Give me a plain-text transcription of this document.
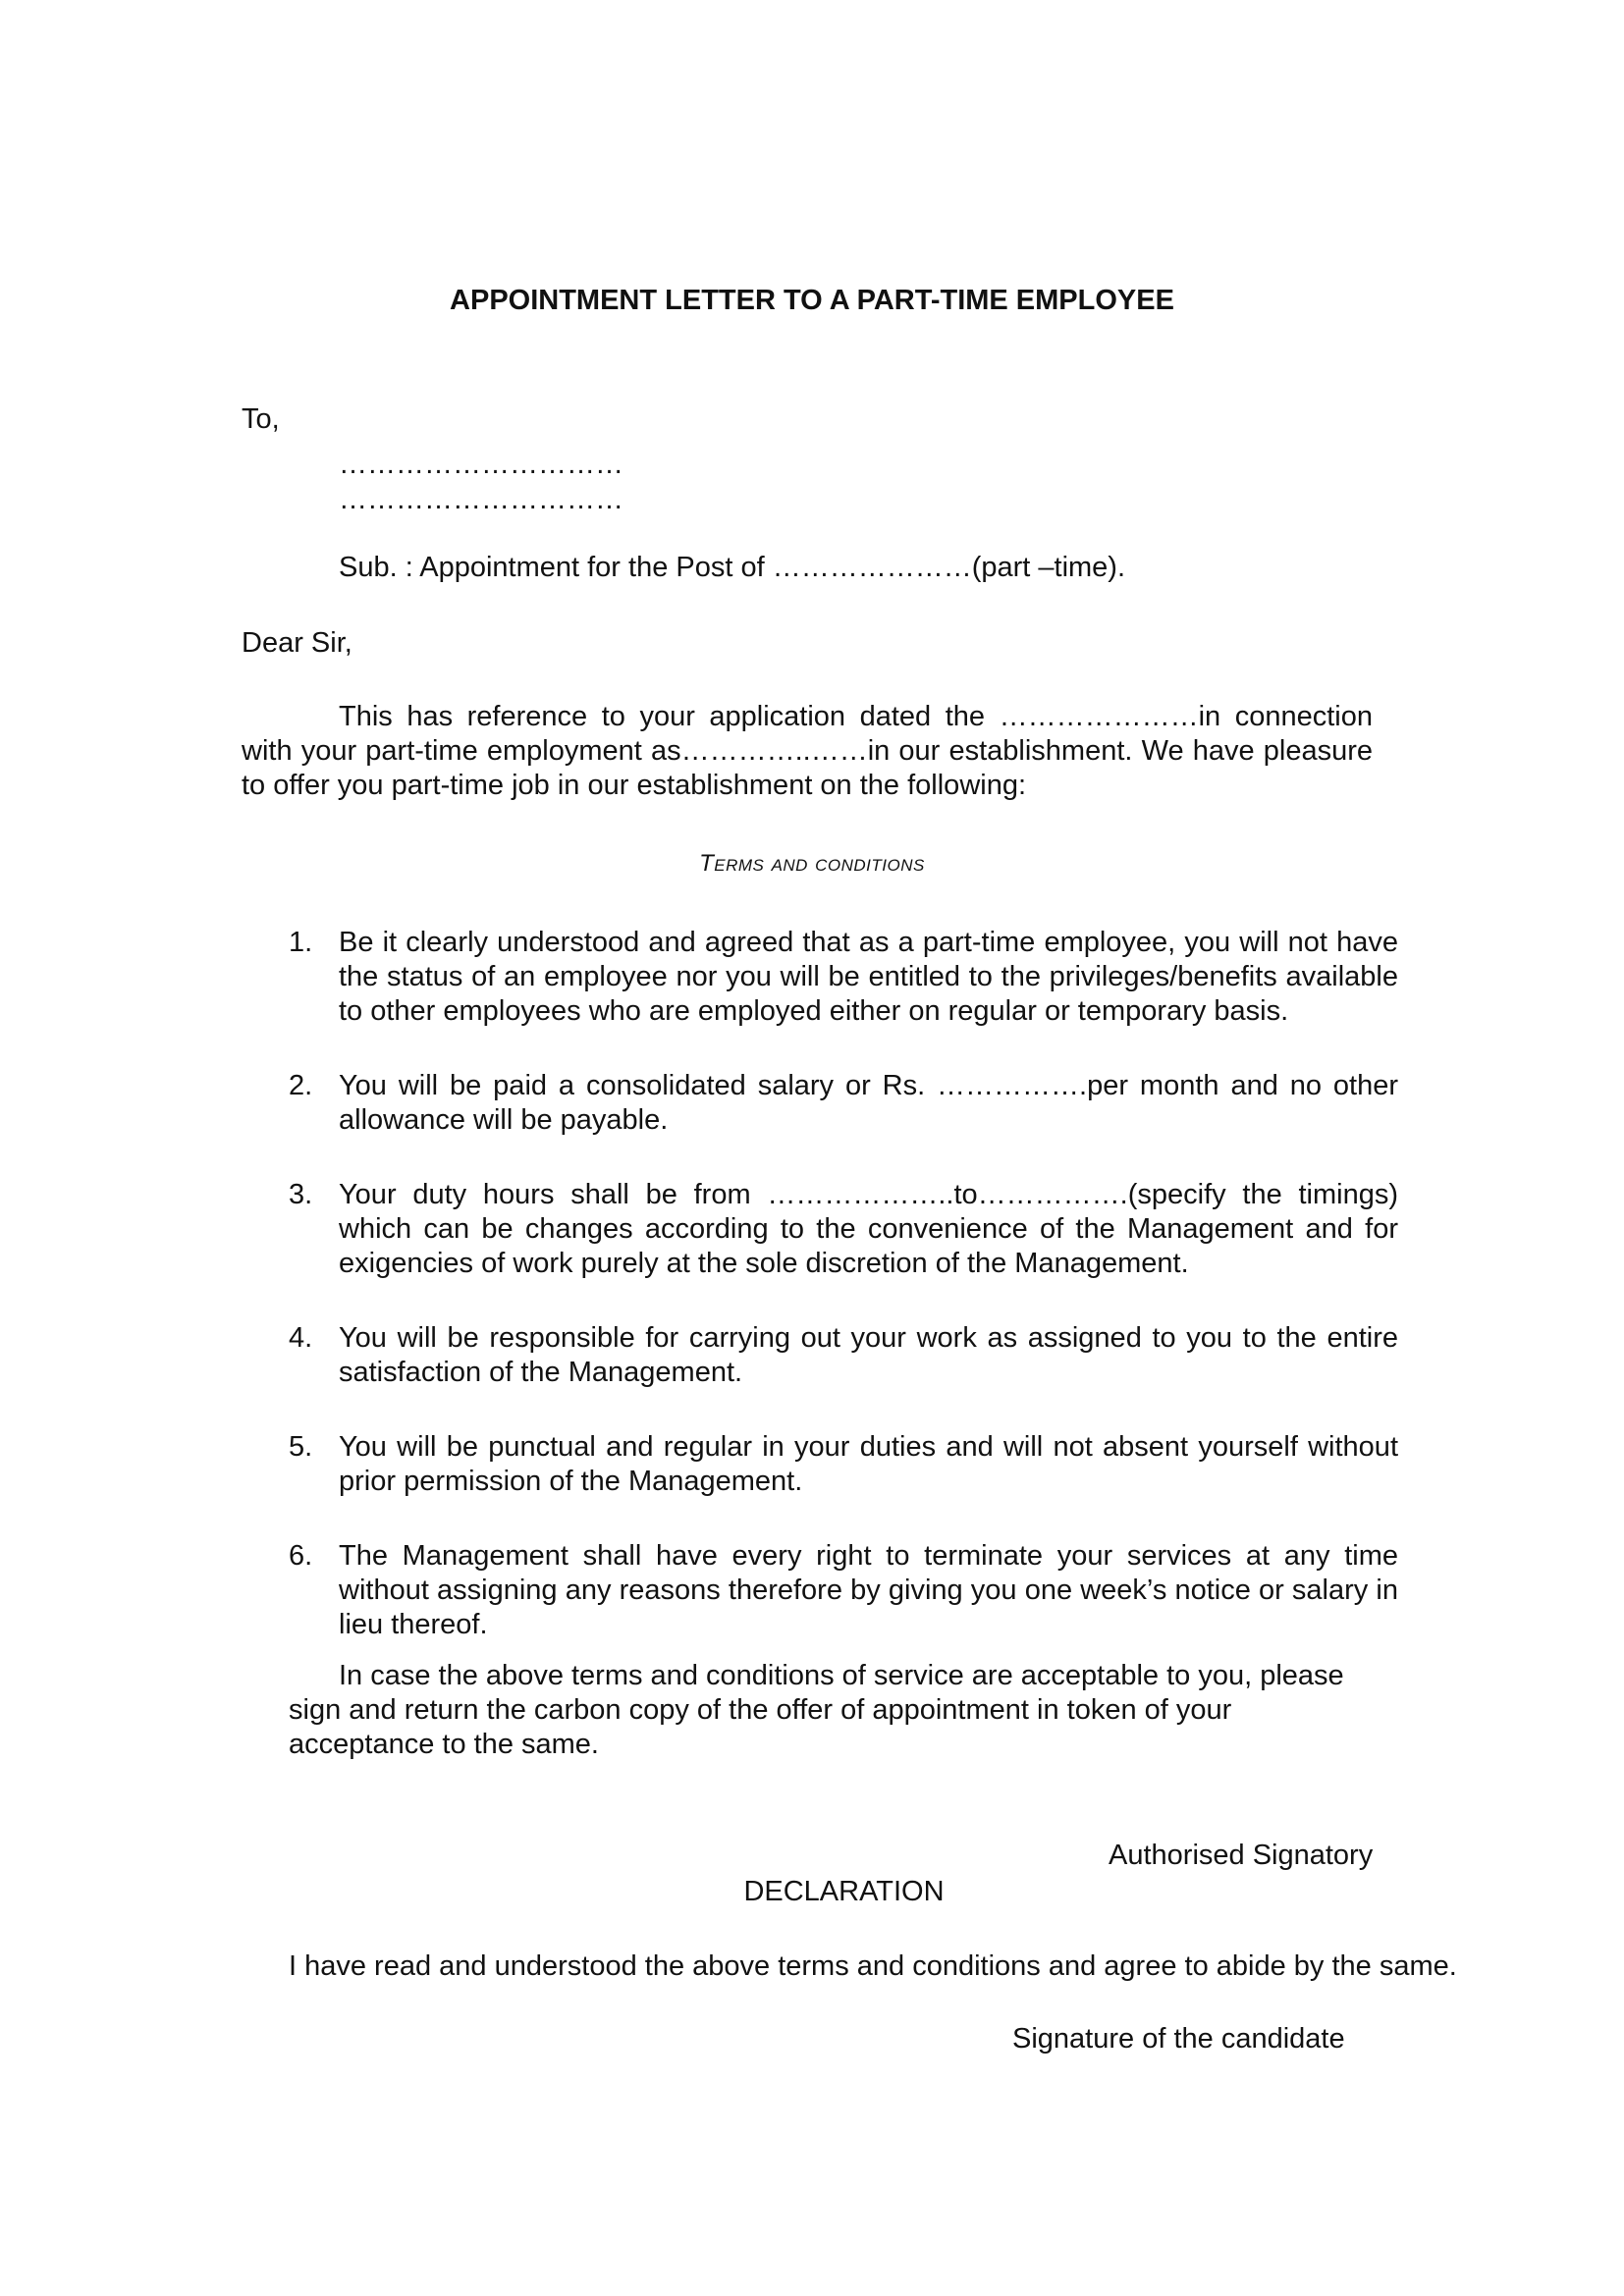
APPOINTMENT LETTER TO A PART-TIME EMPLOYEE
To,
…………………………
…………………………
Sub. : Appointment for the Post of …………………(part –time).
Dear Sir,
This has reference to your application dated the …………………in connection with your part-time employment as…………..……in our establishment. We have pleasure to offer you part-time job in our establishment on the following:
Terms and conditions
1. Be it clearly understood and agreed that as a part-time employee, you will not have the status of an employee nor you will be entitled to the privileges/benefits available to other employees who are employed either on regular or temporary basis.
2. You will be paid a consolidated salary or Rs. …………….per month and no other allowance will be payable.
3. Your duty hours shall be from ………………..to…………….(specify the timings) which can be changes according to the convenience of the Management and for exigencies of work purely at the sole discretion of the Management.
4. You will be responsible for carrying out your work as assigned to you to the entire satisfaction of the Management.
5. You will be punctual and regular in your duties and will not absent yourself without prior permission of the Management.
6. The Management shall have every right to terminate your services at any time without assigning any reasons therefore by giving you one week’s notice or salary in lieu thereof.
In case the above terms and conditions of service are acceptable to you, please sign and return the carbon copy of the offer of appointment in token of your acceptance to the same.
Authorised Signatory
DECLARATION
I have read and understood the above terms and conditions and agree to abide by the same.
Signature of the candidate
